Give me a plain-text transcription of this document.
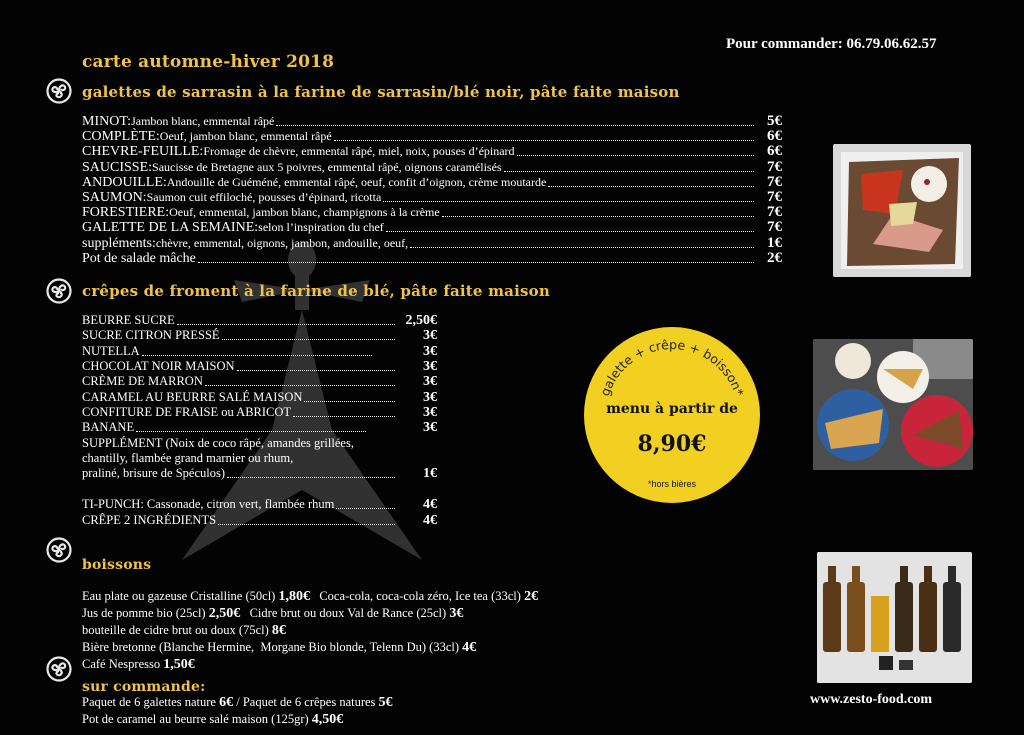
Pour commander: 06.79.06.62.57
carte automne-hiver 2018
galettes de sarrasin à la farine de sarrasin/blé noir, pâte faite maison
MINOT: Jambon blanc, emmental râpé	5€
COMPLÈTE: Oeuf, jambon blanc, emmental râpé	6€
CHEVRE-FEUILLE: Fromage de chèvre, emmental râpé, miel, noix, pouses d’épinard	6€
SAUCISSE: Saucisse de Bretagne aux 5 poivres, emmental râpé, oignons caramélisés	7€
ANDOUILLE: Andouille de Guéméné, emmental râpé, oeuf, confit d’oignon, crème moutarde	7€
SAUMON: Saumon cuit effiloché, pousses d’épinard, ricotta	7€
FORESTIERE: Oeuf, emmental, jambon blanc, champignons à la crème	7€
GALETTE DE LA SEMAINE: selon l’inspiration du chef	7€
suppléments: chèvre, emmental, oignons, jambon, andouille, oeuf,	1€
Pot de salade mâche	2€
crêpes de froment à la farine de blé, pâte faite maison
BEURRE SUCRE	2,50€
SUCRE CITRON PRESSÉ	3€
NUTELLA	3€
CHOCOLAT NOIR MAISON	3€
CRÈME DE MARRON	3€
CARAMEL AU BEURRE SALÉ MAISON	3€
CONFITURE DE FRAISE ou ABRICOT	3€
BANANE	3€
SUPPLÉMENT (Noix de coco râpé, amandes grillées,
chantilly, flambée grand marnier ou rhum,
praliné, brisure de Spéculos)	1€
TI-PUNCH: Cassonade, citron vert, flambée rhum	4€
CRÊPE 2 INGRÉDIENTS	4€
galette + crêpe + boisson*
menu à partir de
8,90€
*hors bières
boissons
Eau plate ou gazeuse Cristalline (50cl) 1,80€   Coca-cola, coca-cola zéro, Ice tea (33cl) 2€
Jus de pomme bio (25cl) 2,50€   Cidre brut ou doux Val de Rance (25cl) 3€
bouteille de cidre brut ou doux (75cl) 8€
Bière bretonne (Blanche Hermine,  Morgane Bio blonde, Telenn Du) (33cl) 4€
Café Nespresso 1,50€
sur commande:
Paquet de 6 galettes nature 6€ / Paquet de 6 crêpes natures 5€
Pot de caramel au beurre salé maison (125gr) 4,50€
www.zesto-food.com
